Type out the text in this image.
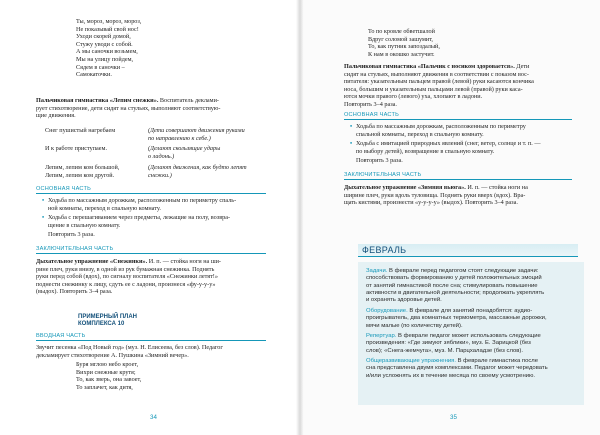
Ты, мороз, мороз, мороз,
Не показывай свой нос!
Уходи скорей домой,
Стужу уводи с собой.
А мы саночки возьмем,
Мы на улицу пойдем,
Сядем в саночки –
Самокаточки.
Пальчиковая гимнастика «Лепим снежки». Воспитатель деклами-
рует стихотворение, дети сидят на стульях, выполняют соответствую-
щие движения.
Снег пушистый нагребаем	(Дети совершают движения руками
по направлению к себе.)
И к работе приступаем.	(Делают скользящие удары
о ладонь.)
Лепим, лепим ком большой,
Лепим, лепим ком другой.
(Делают движения, как будто лепят
снежки.)
ОСНОВНАЯ ЧАСТЬ
• Ходьба по массажным дорожкам, расположенным по периметру спаль-
ной комнаты, переход в спальную комнату.
• Ходьба с перешагиванием через предметы, лежащие на полу, возвра-
щение в спальную комнату.
Повторить 3 раза.
ЗАКЛЮЧИТЕЛЬНАЯ ЧАСТЬ
Дыхательное упражнение «Снежинки». И. п. — стойка ноги на ши-
рине плеч, руки внизу, в одной из рук бумажная снежинка. Поднять
руки перед собой (вдох), по сигналу воспитателя «Снежинки летят!»
поднести снежинку к лицу, сдуть ее с ладони, произнеся «фу-у-у-у»
(выдох). Повторить 3–4 раза.
ПРИМЕРНЫЙ ПЛАН
КОМПЛЕКСА 10
ВВОДНАЯ ЧАСТЬ
Звучит песенка «Под Новый год» (муз. Н. Елисеева, без слов). Педагог
декламирует стихотворение А. Пушкина «Зимний вечер».
Буря мглою небо кроет,
Вихри снежные крутя;
То, как зверь, она завоет,
То заплачет, как дитя,
34
То по кровле обветшалой
Вдруг соломой зашумит,
То, как путник запоздалый,
К нам в окошко застучит.
Пальчиковая гимнастика «Пальчик с носиком здоровается». Дети
сидят на стульях, выполняют движения в соответствии с показом вос-
питателя: указательным пальцем правой (левой) руки касаются кончика
носа, большим и указательным пальцами левой (правой) руки каса-
ются мочки правого (левого) уха, хлопают в ладони.
Повторить 3–4 раза.
ОСНОВНАЯ ЧАСТЬ
• Ходьба по массажным дорожкам, расположенным по периметру
спальной комнаты, переход в спальную комнату.
• Ходьба с имитацией природных явлений (снег, ветер, солнце и т. п. —
по выбору детей), возвращение в спальную комнату.
Повторить 3 раза.
ЗАКЛЮЧИТЕЛЬНАЯ ЧАСТЬ
Дыхательное упражнение «Зимняя вьюга». И. п. — стойка ноги на
ширине плеч, руки вдоль туловища. Поднять руки вверх (вдох). Вра-
щать кистями, произнести «у-у-у-у» (выдох). Повторить 3–4 раза.
35
ФЕВРАЛЬ
Задачи. В феврале перед педагогом стоят следующие задачи:
способствовать формированию у детей положительных эмоций
от занятий гимнастикой после сна; стимулировать повышение
активности в двигательной деятельности; продолжать укреплять
и охранять здоровье детей.
Оборудование. В феврале для занятий понадобятся: аудио-
проигрыватель, два комнатных термометра, массажные дорожки,
мячи малые (по количеству детей).
Репертуар. В феврале педагог может использовать следующие
произведения: «Где зимуют зяблики», муз. Е. Зарицкой (без
слов); «Снега-жемчуга», муз. М. Парцхаладзе (без слов).
Общеразвивающие упражнения. В феврале гимнастика после
сна представлена двумя комплексами. Педагог может чередовать
и/или усложнять их в течение месяца по своему усмотрению.
